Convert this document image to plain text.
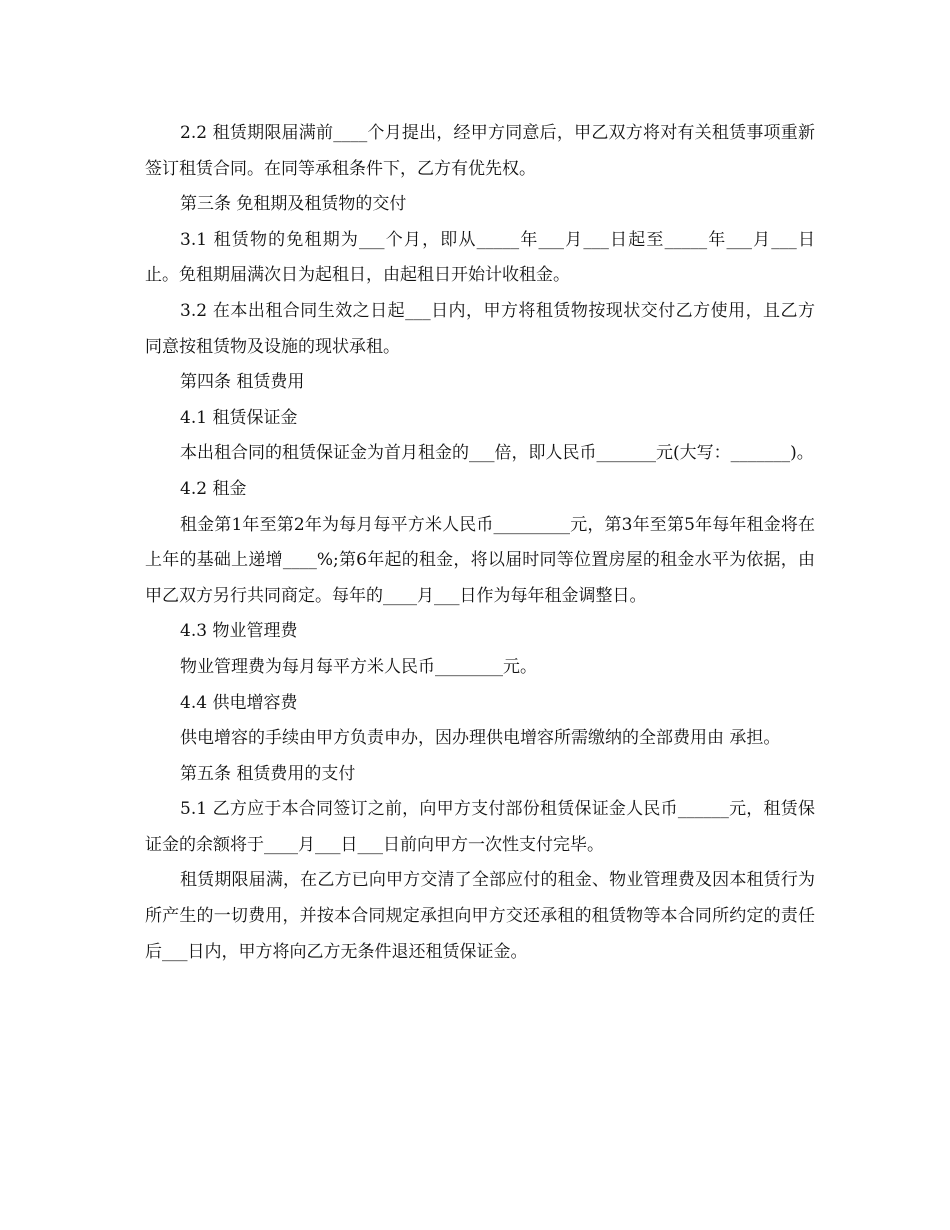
2.2 租赁期限届满前____个月提出，经甲方同意后，甲乙双方将对有关租赁事项重新签订租赁合同。在同等承租条件下，乙方有优先权。

第三条 免租期及租赁物的交付

3.1 租赁物的免租期为___个月，即从_____年___月___日起至_____年___月___日止。免租期届满次日为起租日，由起租日开始计收租金。

3.2 在本出租合同生效之日起___日内，甲方将租赁物按现状交付乙方使用，且乙方同意按租赁物及设施的现状承租。

第四条 租赁费用

4.1 租赁保证金

本出租合同的租赁保证金为首月租金的___倍，即人民币_______元(大写：_______)。

4.2 租金

租金第1年至第2年为每月每平方米人民币_________元，第3年至第5年每年租金将在上年的基础上递增____%;第6年起的租金，将以届时同等位置房屋的租金水平为依据，由甲乙双方另行共同商定。每年的____月___日作为每年租金调整日。

4.3 物业管理费

物业管理费为每月每平方米人民币________元。

4.4 供电增容费

供电增容的手续由甲方负责申办，因办理供电增容所需缴纳的全部费用由 承担。

第五条 租赁费用的支付

5.1 乙方应于本合同签订之前，向甲方支付部份租赁保证金人民币______元，租赁保证金的余额将于____月___日___日前向甲方一次性支付完毕。

租赁期限届满，在乙方已向甲方交清了全部应付的租金、物业管理费及因本租赁行为所产生的一切费用，并按本合同规定承担向甲方交还承租的租赁物等本合同所约定的责任后___日内，甲方将向乙方无条件退还租赁保证金。
